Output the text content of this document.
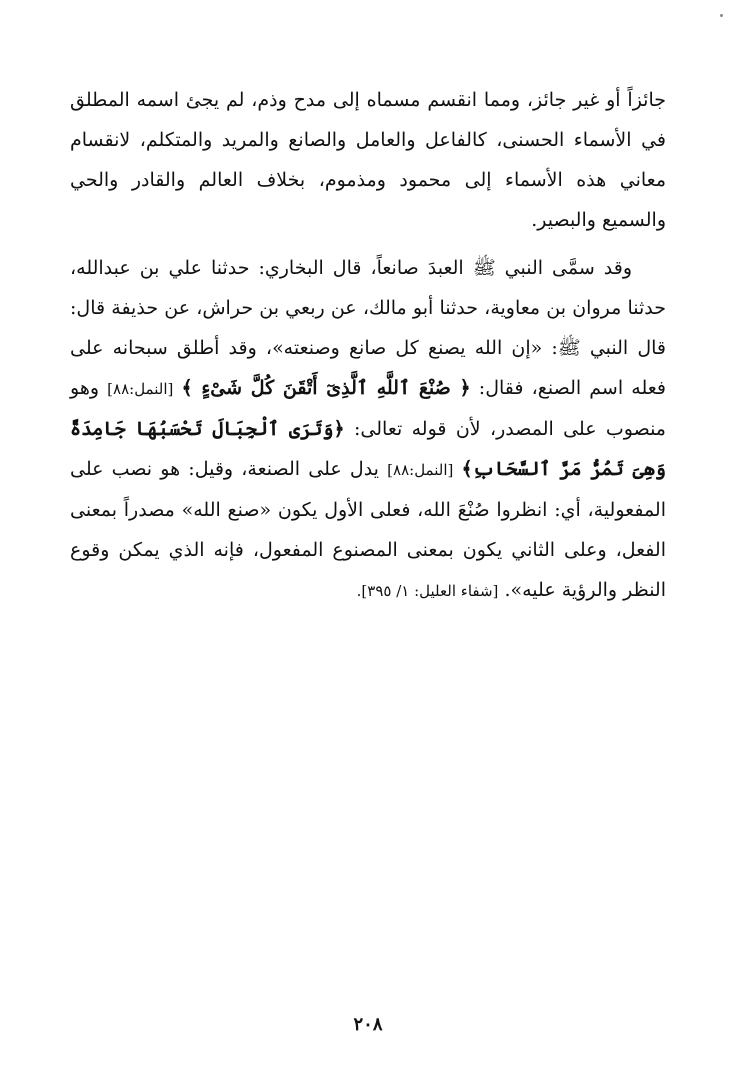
جائزاً أو غير جائز، ومما انقسم مسماه إلى مدح وذم، لم يجئ اسمه المطلق في الأسماء الحسنى، كالفاعل والعامل والصانع والمريد والمتكلم، لانقسام معاني هذه الأسماء إلى محمود ومذموم، بخلاف العالم والقادر والحي والسميع والبصير.

وقد سمَّى النبي ﷺ العبدَ صانعاً، قال البخاري: حدثنا علي بن عبدالله، حدثنا مروان بن معاوية، حدثنا أبو مالك، عن ربعي بن حراش، عن حذيفة قال: قال النبي ﷺ: «إن الله يصنع كل صانع وصنعته»، وقد أطلق سبحانه على فعله اسم الصنع، فقال: ﴿ صُنْعَ ٱللَّهِ ٱلَّذِىٓ أَتْقَنَ كُلَّ شَىْءٍ ﴾ [النمل:٨٨] وهو منصوب على المصدر، لأن قوله تعالى: ﴿وَتَرَى ٱلْجِبَالَ تَحْسَبُهَا جَامِدَةً وَهِىَ تَمُرُّ مَرَّ ٱلسَّحَابِ﴾ [النمل:٨٨] يدل على الصنعة، وقيل: هو نصب على المفعولية، أي: انظروا صُنْعَ الله، فعلى الأول يكون «صنع الله» مصدراً بمعنى الفعل، وعلى الثاني يكون بمعنى المصنوع المفعول، فإنه الذي يمكن وقوع النظر والرؤية عليه». [شفاء العليل: ١/ ٣٩٥].

٢٠٨
